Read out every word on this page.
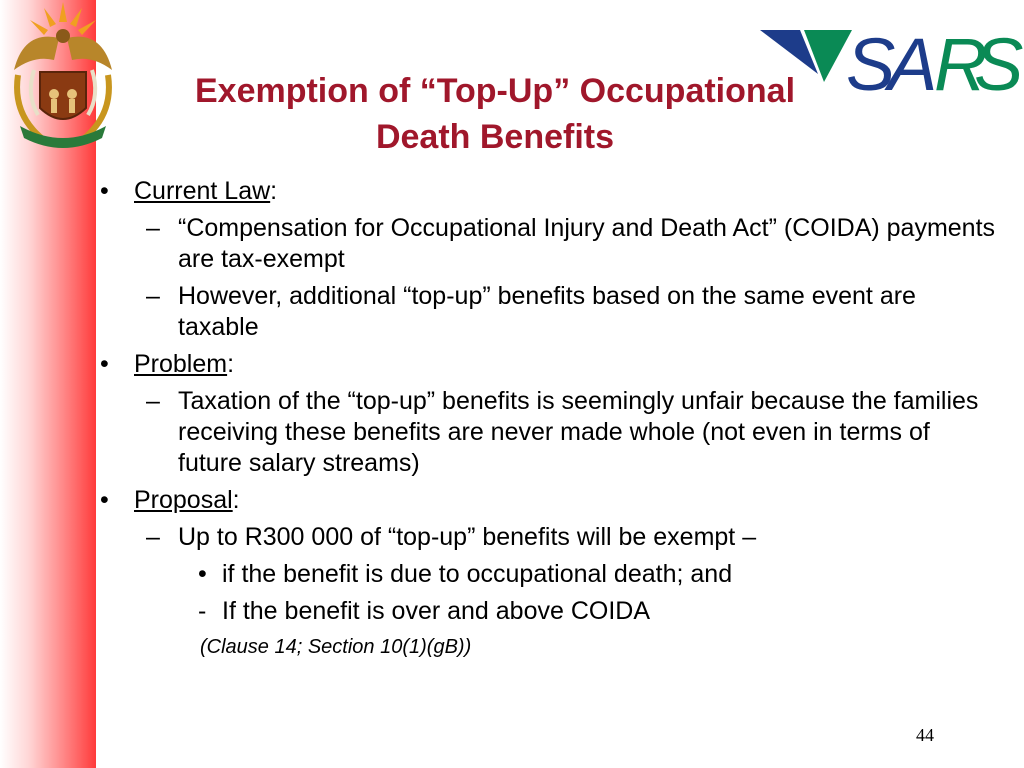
S
A R
S
Exemption of “Top-Up” Occupational
Death Benefits
• Current Law:
– “Compensation for Occupational Injury and Death Act” (COIDA) payments are tax-exempt
– However, additional “top-up” benefits based on the same event are taxable
• Problem:
– Taxation of the “top-up” benefits is seemingly unfair because the families receiving these benefits are never made whole (not even in terms of future salary streams)
• Proposal:
– Up to R300 000 of “top-up” benefits will be exempt –
• if the benefit is due to occupational death; and
- If the benefit is over and above COIDA
(Clause 14; Section 10(1)(gB))
44
